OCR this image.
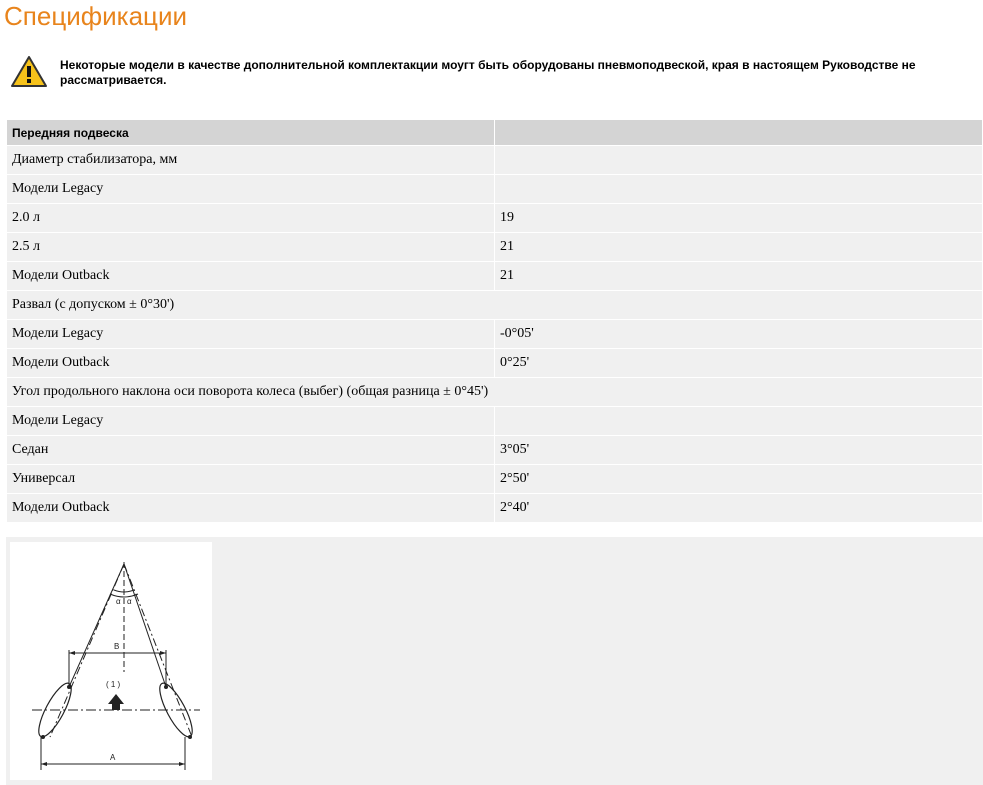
Спецификации
Некоторые модели в качестве дополнительной комплектакции моугт быть оборудованы пневмоподвеской, края в настоящем Руководстве не рассматривается.
Передняя подвеска	
Диаметр стабилизатора, мм	
Модели Legacy	
2.0 л	19
2.5 л	21
Модели Outback	21
Развал (с допуском ± 0°30')	
Модели Legacy	-0°05'
Модели Outback	0°25'
Угол продольного наклона оси поворота колеса (выбег) (общая разница ± 0°45')	
Модели Legacy	
Седан	3°05'
Универсал	2°50'
Модели Outback	2°40'
B
A
( 1 )
α α
